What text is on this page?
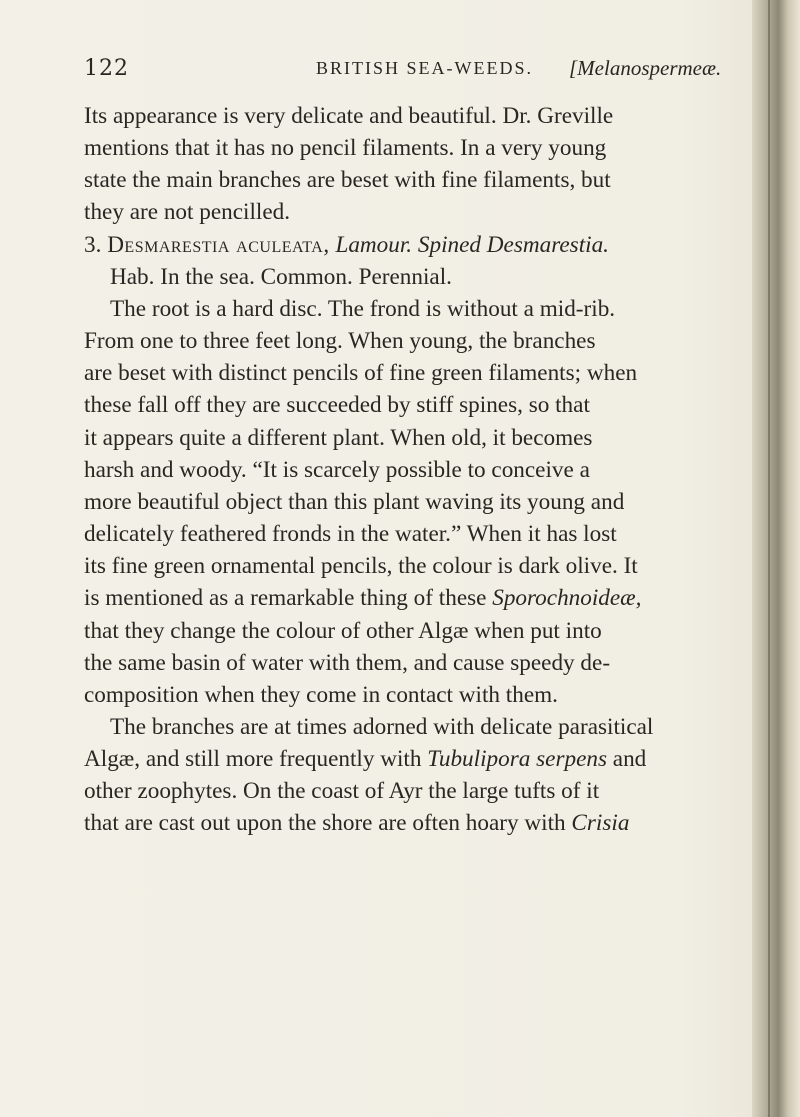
122	BRITISH SEA-WEEDS. [Melanospermeæ.
Its appearance is very delicate and beautiful. Dr. Greville
mentions that it has no pencil filaments. In a very young
state the main branches are beset with fine filaments, but
they are not pencilled.
3. Desmarestia aculeata, Lamour. Spined Desmarestia.
Hab. In the sea. Common. Perennial.
The root is a hard disc. The frond is without a mid-rib.
From one to three feet long. When young, the branches
are beset with distinct pencils of fine green filaments; when
these fall off they are succeeded by stiff spines, so that
it appears quite a different plant. When old, it becomes
harsh and woody. “It is scarcely possible to conceive a
more beautiful object than this plant waving its young and
delicately feathered fronds in the water.” When it has lost
its fine green ornamental pencils, the colour is dark olive. It
is mentioned as a remarkable thing of these Sporochnoideæ,
that they change the colour of other Algæ when put into
the same basin of water with them, and cause speedy de-
composition when they come in contact with them.
The branches are at times adorned with delicate parasitical
Algæ, and still more frequently with Tubulipora serpens and
other zoophytes. On the coast of Ayr the large tufts of it
that are cast out upon the shore are often hoary with Crisia
